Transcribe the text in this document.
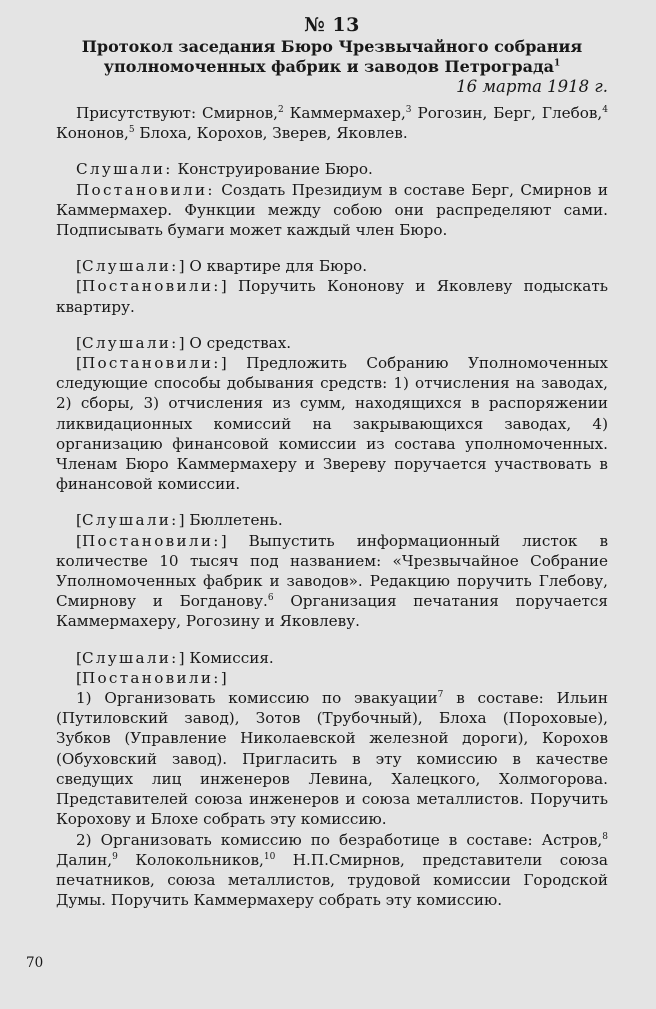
№ 13
Протокол заседания Бюро Чрезвычайного собрания
уполномоченных фабрик и заводов Петрограда$^1$
16 марта 1918 г.

Присутствуют: Смирнов,$^2$ Каммермахер,$^3$ Рогозин, Берг, Глебов,$^4$ Кононов,$^5$ Блоха, Корохов, Зверев, Яковлев.

Слушали: Конструирование Бюро.

Постановили: Создать Президиум в составе Берг, Смирнов и Каммермахер. Функции между собою они распределяют сами. Подписывать бумаги может каждый член Бюро.

[Слушали:] О квартире для Бюро.

[Постановили:] Поручить Кононову и Яковлеву подыскать квартиру.

[Слушали:] О средствах.

[Постановили:] Предложить Собранию Уполномоченных следующие способы добывания средств: 1) отчисления на заводах, 2) сборы, 3) отчисления из сумм, находящихся в распоряжении ликвидационных комиссий на закрывающихся заводах, 4) организацию финансовой комиссии из состава уполномоченных. Членам Бюро Каммермахеру и Звереву поручается участвовать в финансовой комиссии.

[Слушали:] Бюллетень.

[Постановили:] Выпустить информационный листок в количестве 10 тысяч под названием: «Чрезвычайное Собрание Уполномоченных фабрик и заводов». Редакцию поручить Глебову, Смирнову и Богданову.$^6$ Организация печатания поручается Каммермахеру, Рогозину и Яковлеву.

[Слушали:] Комиссия.

[Постановили:]

1) Организовать комиссию по эвакуации$^7$ в составе: Ильин (Путиловский завод), Зотов (Трубочный), Блоха (Пороховые), Зубков (Управление Николаевской железной дороги), Корохов (Обуховский завод). Пригласить в эту комиссию в качестве сведущих лиц инженеров Левина, Халецкого, Холмогорова. Представителей союза инженеров и союза металлистов. Поручить Корохову и Блохе собрать эту комиссию.

2) Организовать комиссию по безработице в составе: Астров,$^8$ Далин,$^9$ Колокольников,$^{10}$ Н.П.Смирнов, представители союза печатников, союза металлистов, трудовой комиссии Городской Думы. Поручить Каммермахеру собрать эту комиссию.

70
